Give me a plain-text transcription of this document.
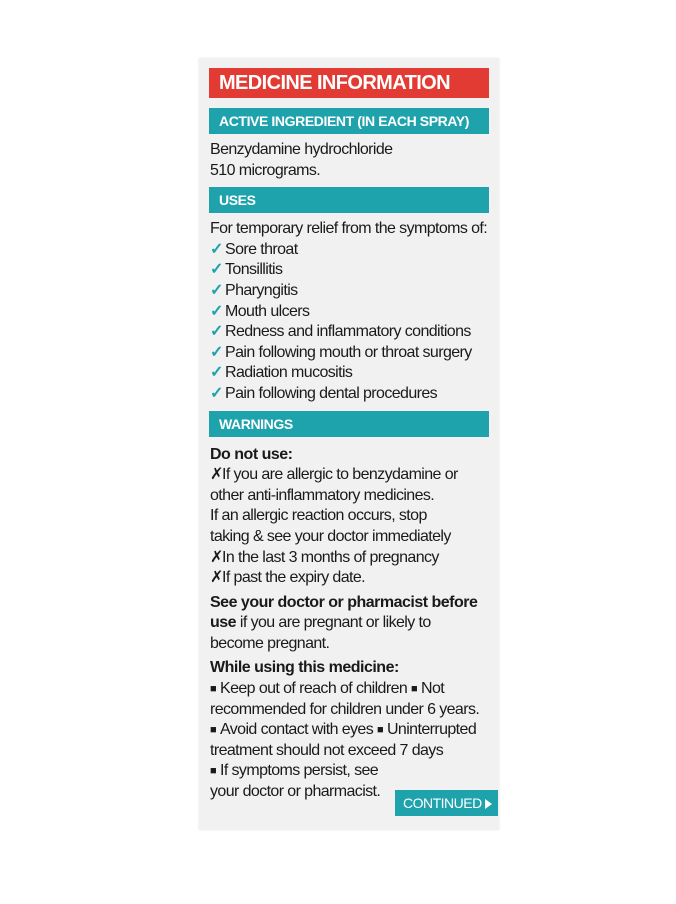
MEDICINE INFORMATION
ACTIVE INGREDIENT (IN EACH SPRAY)
Benzydamine hydrochloride
510 micrograms.
USES
For temporary relief from the symptoms of:
✓ Sore throat
✓ Tonsillitis
✓ Pharyngitis
✓ Mouth ulcers
✓ Redness and inflammatory conditions
✓ Pain following mouth or throat surgery
✓ Radiation mucositis
✓ Pain following dental procedures
WARNINGS
Do not use:
✗If you are allergic to benzydamine or
other anti-inflammatory medicines.
If an allergic reaction occurs, stop
taking & see your doctor immediately
✗In the last 3 months of pregnancy
✗If past the expiry date.
See your doctor or pharmacist before
use if you are pregnant or likely to
become pregnant.
While using this medicine:
■ Keep out of reach of children ■ Not
recommended for children under 6 years.
■ Avoid contact with eyes ■ Uninterrupted
treatment should not exceed 7 days
■ If symptoms persist, see
your doctor or pharmacist.
CONTINUED
